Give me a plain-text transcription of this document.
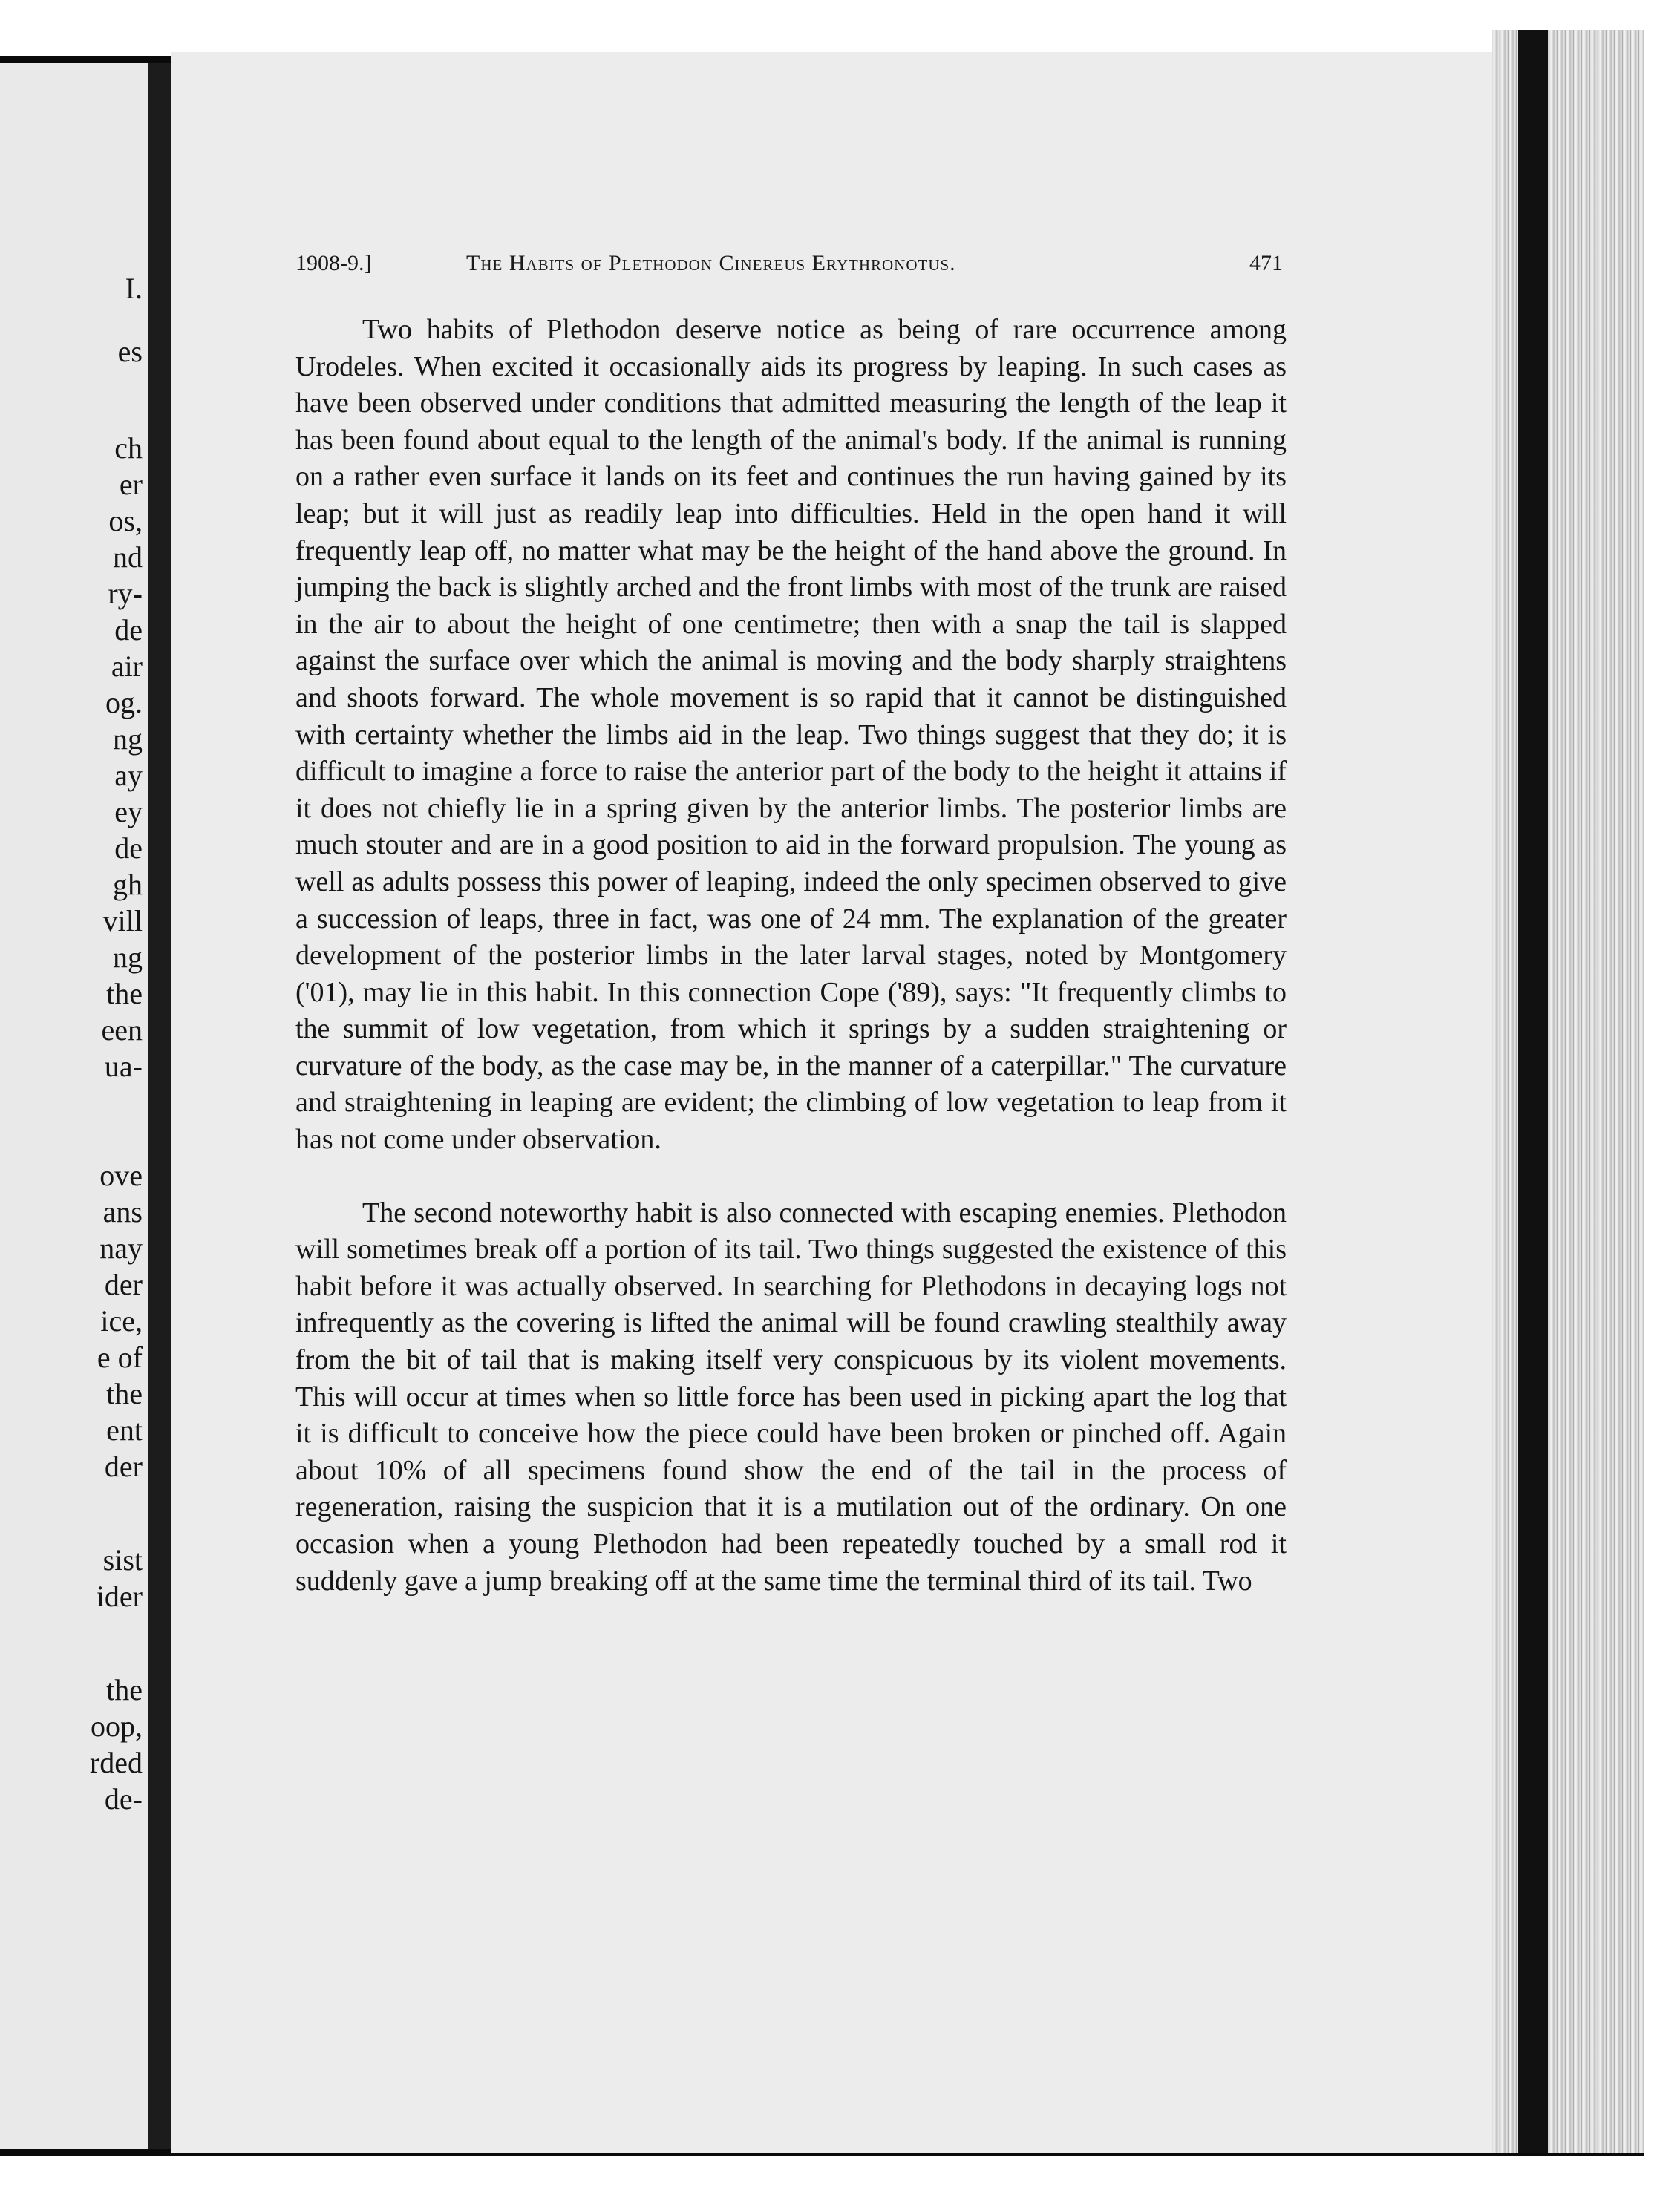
I.
es
ch
er
os,
nd
ry-
de
air
og.
ng
ay
ey
de
gh
vill
ng
the
een
ua-
ove
ans
nay
der
ice,
e of
the
ent
der
sist
ider
the
oop,
rded
de-
1908-9.]	The Habits of Plethodon Cinereus Erythronotus.	471

Two habits of Plethodon deserve notice as being of rare occurrence among Urodeles. When excited it occasionally aids its progress by leaping. In such cases as have been observed under conditions that admitted measuring the length of the leap it has been found about equal to the length of the animal's body. If the animal is running on a rather even surface it lands on its feet and continues the run having gained by its leap; but it will just as readily leap into difficulties. Held in the open hand it will frequently leap off, no matter what may be the height of the hand above the ground. In jumping the back is slightly arched and the front limbs with most of the trunk are raised in the air to about the height of one centimetre; then with a snap the tail is slapped against the surface over which the animal is moving and the body sharply straightens and shoots forward. The whole movement is so rapid that it cannot be distinguished with certainty whether the limbs aid in the leap. Two things suggest that they do; it is difficult to imagine a force to raise the anterior part of the body to the height it attains if it does not chiefly lie in a spring given by the anterior limbs. The posterior limbs are much stouter and are in a good position to aid in the forward propulsion. The young as well as adults possess this power of leaping, indeed the only specimen observed to give a succession of leaps, three in fact, was one of 24 mm. The explanation of the greater development of the posterior limbs in the later larval stages, noted by Montgomery ('01), may lie in this habit. In this connection Cope ('89), says: "It frequently climbs to the summit of low vegetation, from which it springs by a sudden straightening or curvature of the body, as the case may be, in the manner of a caterpillar." The curvature and straightening in leaping are evident; the climbing of low vegetation to leap from it has not come under observation.

The second noteworthy habit is also connected with escaping enemies. Plethodon will sometimes break off a portion of its tail. Two things suggested the existence of this habit before it was actually observed. In searching for Plethodons in decaying logs not infrequently as the covering is lifted the animal will be found crawling stealthily away from the bit of tail that is making itself very conspicuous by its violent movements. This will occur at times when so little force has been used in picking apart the log that it is difficult to conceive how the piece could have been broken or pinched off. Again about 10% of all specimens found show the end of the tail in the process of regeneration, raising the suspicion that it is a mutilation out of the ordinary. On one occasion when a young Plethodon had been repeatedly touched by a small rod it suddenly gave a jump breaking off at the same time the terminal third of its tail. Two
